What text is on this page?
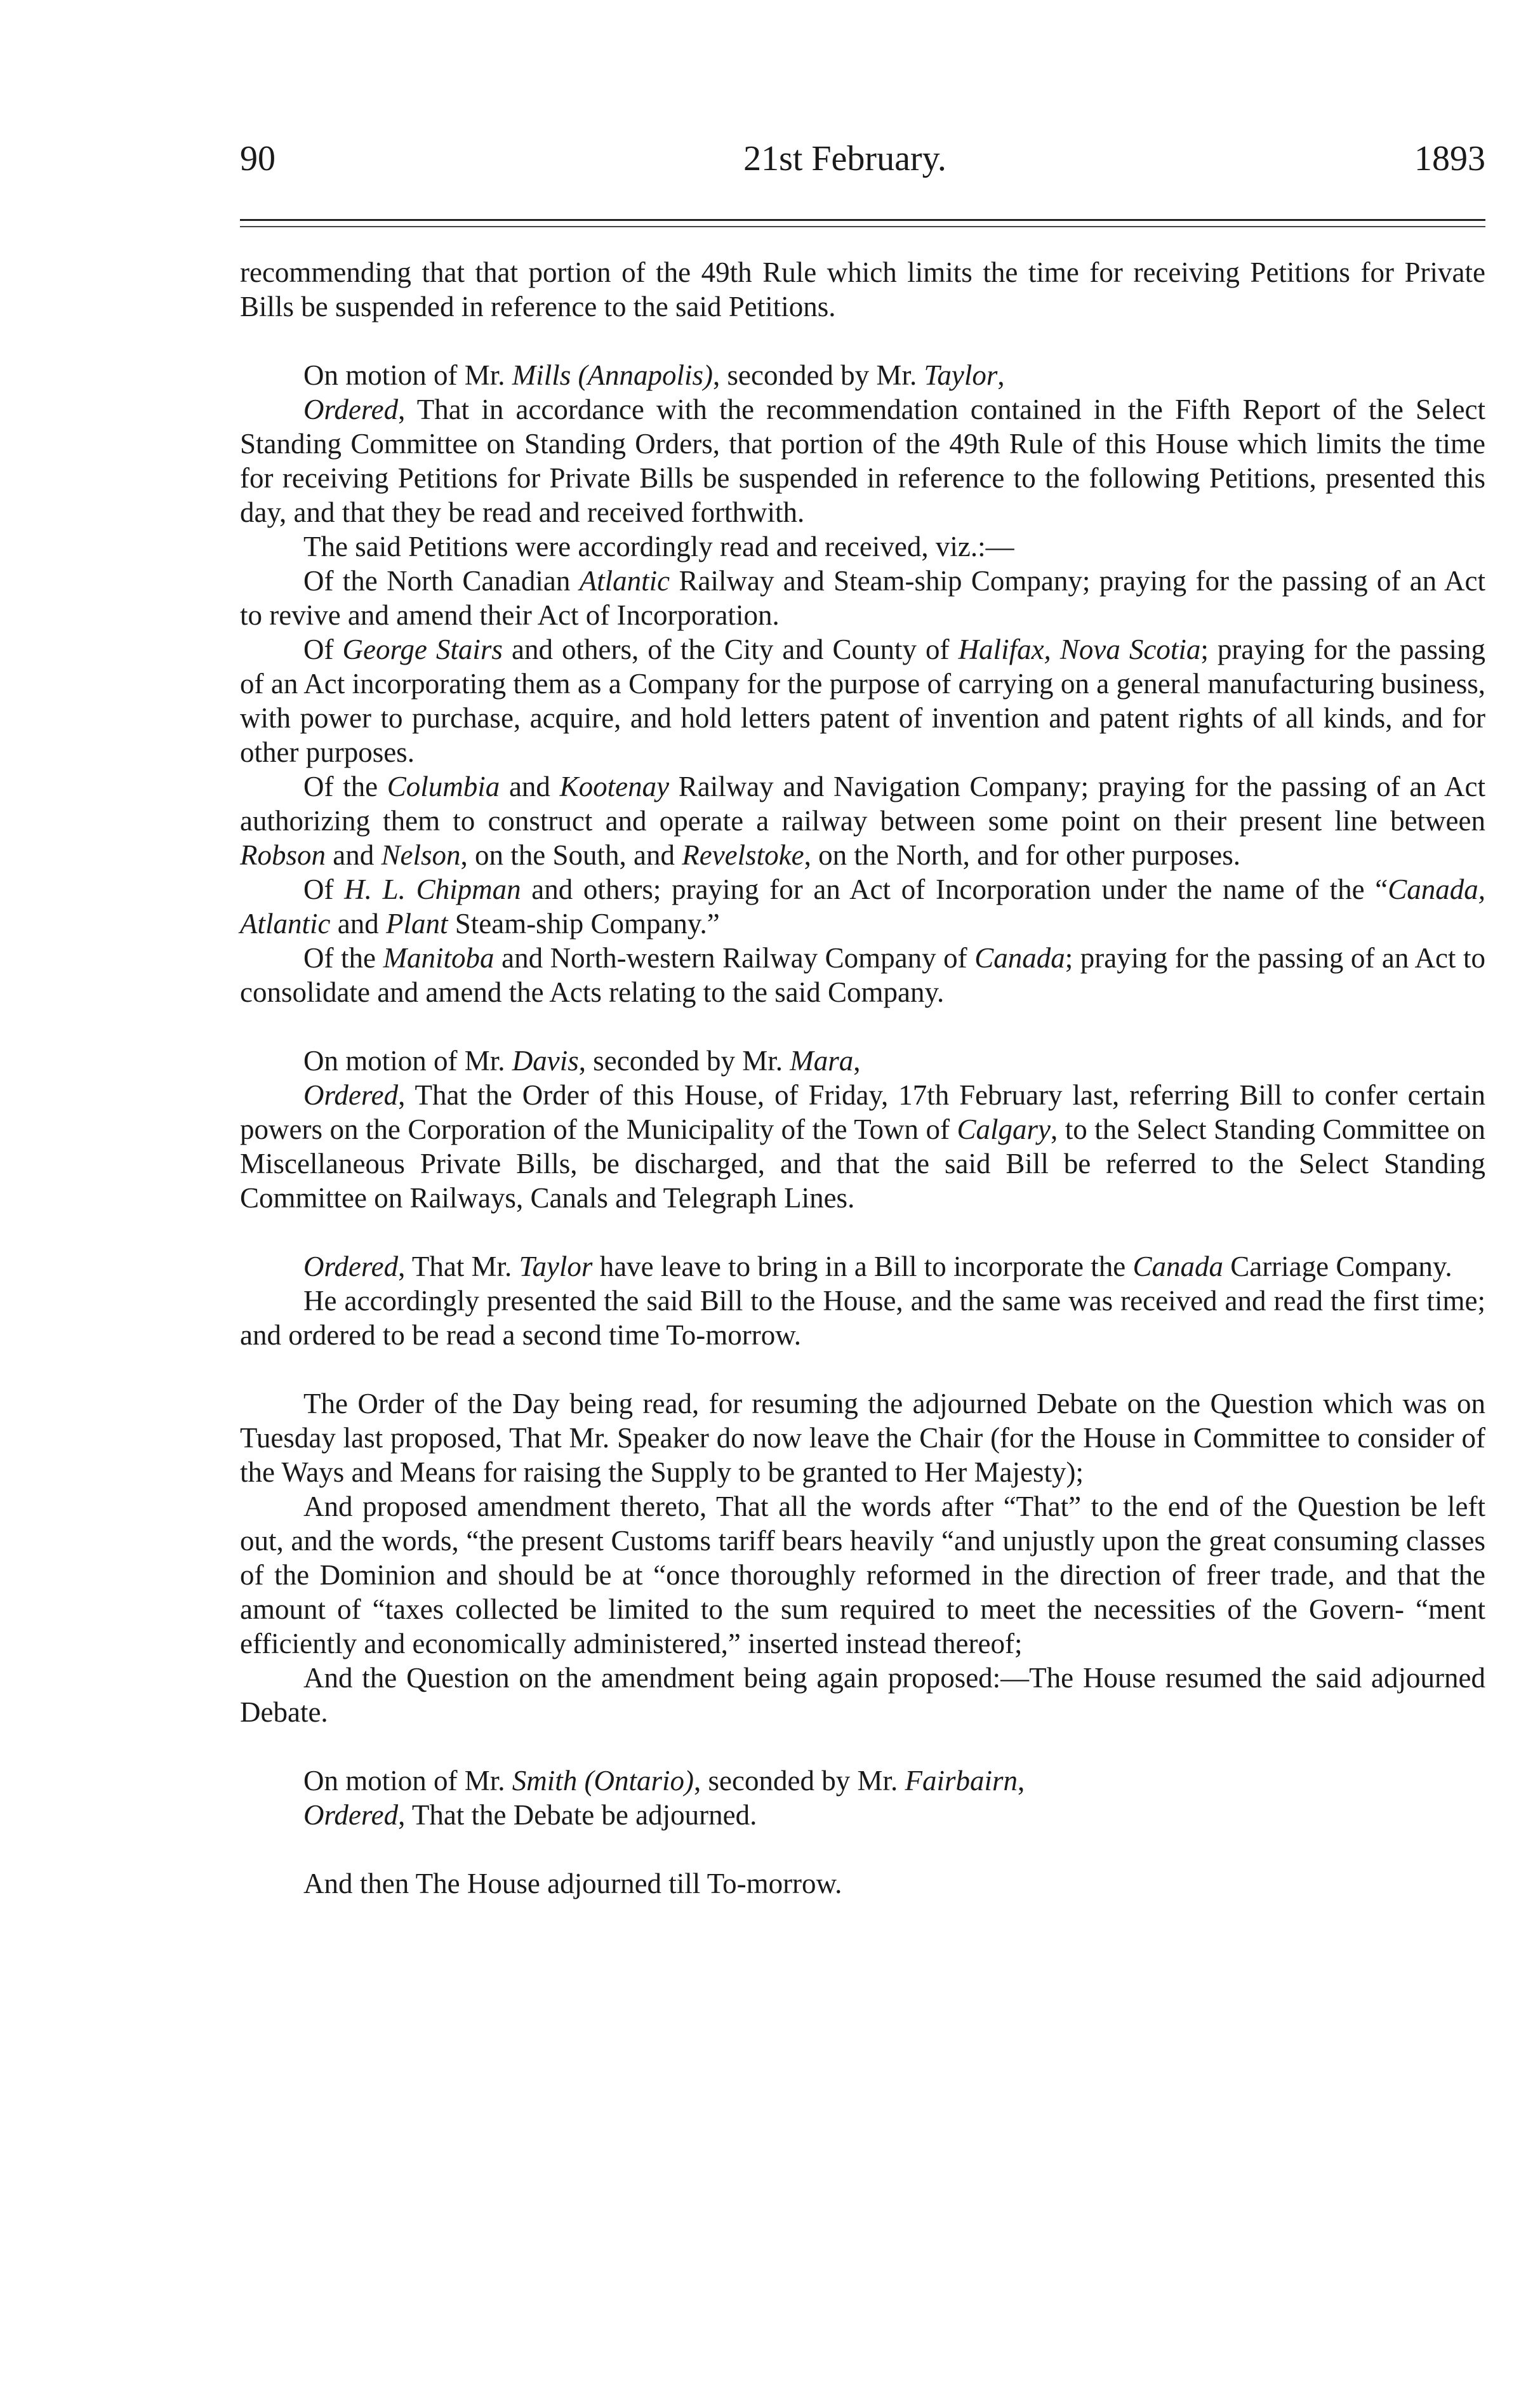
90	21st February.	1893

recommending that that portion of the 49th Rule which limits the time for receiving Petitions for Private Bills be suspended in reference to the said Petitions.

On motion of Mr. Mills (Annapolis), seconded by Mr. Taylor,

Ordered, That in accordance with the recommendation contained in the Fifth Report of the Select Standing Committee on Standing Orders, that portion of the 49th Rule of this House which limits the time for receiving Petitions for Private Bills be suspended in reference to the following Petitions, presented this day, and that they be read and received forthwith.

The said Petitions were accordingly read and received, viz.:—

Of the North Canadian Atlantic Railway and Steam-ship Company; praying for the passing of an Act to revive and amend their Act of Incorporation.

Of George Stairs and others, of the City and County of Halifax, Nova Scotia; praying for the passing of an Act incorporating them as a Company for the purpose of carrying on a general manufacturing business, with power to purchase, acquire, and hold letters patent of invention and patent rights of all kinds, and for other purposes.

Of the Columbia and Kootenay Railway and Navigation Company; praying for the passing of an Act authorizing them to construct and operate a railway between some point on their present line between Robson and Nelson, on the South, and Revelstoke, on the North, and for other purposes.

Of H. L. Chipman and others; praying for an Act of Incorporation under the name of the “Canada, Atlantic and Plant Steam-ship Company.”

Of the Manitoba and North-western Railway Company of Canada; praying for the passing of an Act to consolidate and amend the Acts relating to the said Company.

On motion of Mr. Davis, seconded by Mr. Mara,

Ordered, That the Order of this House, of Friday, 17th February last, referring Bill to confer certain powers on the Corporation of the Municipality of the Town of Calgary, to the Select Standing Committee on Miscellaneous Private Bills, be discharged, and that the said Bill be referred to the Select Standing Committee on Railways, Canals and Telegraph Lines.

Ordered, That Mr. Taylor have leave to bring in a Bill to incorporate the Canada Carriage Company.

He accordingly presented the said Bill to the House, and the same was received and read the first time; and ordered to be read a second time To-morrow.

The Order of the Day being read, for resuming the adjourned Debate on the Question which was on Tuesday last proposed, That Mr. Speaker do now leave the Chair (for the House in Committee to consider of the Ways and Means for raising the Supply to be granted to Her Majesty);

And proposed amendment thereto, That all the words after “That” to the end of the Question be left out, and the words, “the present Customs tariff bears heavily “and unjustly upon the great consuming classes of the Dominion and should be at “once thoroughly reformed in the direction of freer trade, and that the amount of “taxes collected be limited to the sum required to meet the necessities of the Govern- “ment efficiently and economically administered,” inserted instead thereof;

And the Question on the amendment being again proposed:—The House resumed the said adjourned Debate.

On motion of Mr. Smith (Ontario), seconded by Mr. Fairbairn,

Ordered, That the Debate be adjourned.

And then The House adjourned till To-morrow.
